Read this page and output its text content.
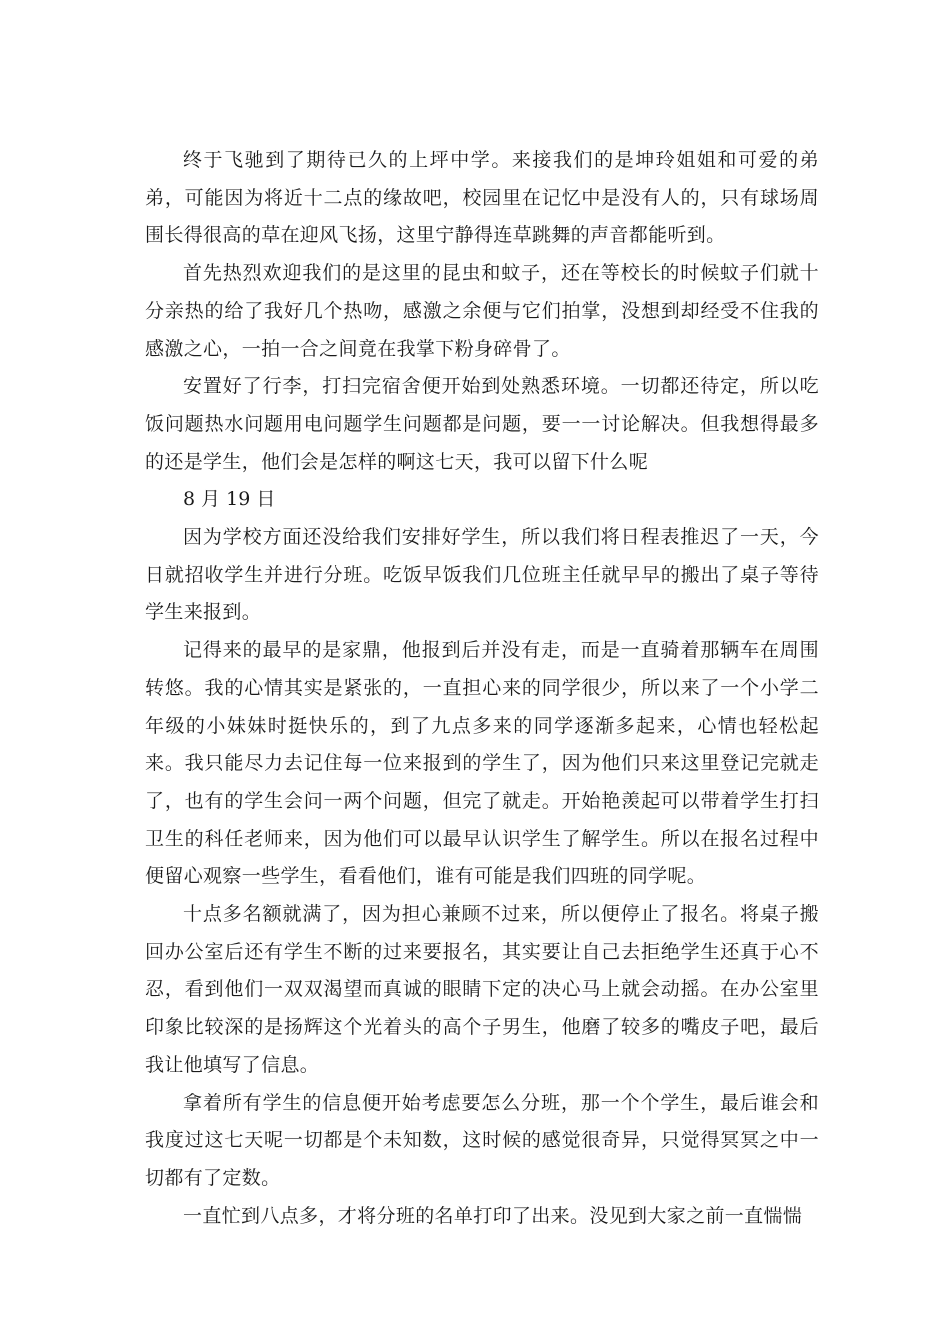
终于飞驰到了期待已久的上坪中学。来接我们的是坤玲姐姐和可爱的弟弟，可能因为将近十二点的缘故吧，校园里在记忆中是没有人的，只有球场周围长得很高的草在迎风飞扬，这里宁静得连草跳舞的声音都能听到。

首先热烈欢迎我们的是这里的昆虫和蚊子，还在等校长的时候蚊子们就十分亲热的给了我好几个热吻，感激之余便与它们拍掌，没想到却经受不住我的感激之心，一拍一合之间竟在我掌下粉身碎骨了。

安置好了行李，打扫完宿舍便开始到处熟悉环境。一切都还待定，所以吃饭问题热水问题用电问题学生问题都是问题，要一一讨论解决。但我想得最多的还是学生，他们会是怎样的啊这七天，我可以留下什么呢

8 月 19 日

因为学校方面还没给我们安排好学生，所以我们将日程表推迟了一天，今日就招收学生并进行分班。吃饭早饭我们几位班主任就早早的搬出了桌子等待学生来报到。

记得来的最早的是家鼎，他报到后并没有走，而是一直骑着那辆车在周围转悠。我的心情其实是紧张的，一直担心来的同学很少，所以来了一个小学二年级的小妹妹时挺快乐的，到了九点多来的同学逐渐多起来，心情也轻松起来。我只能尽力去记住每一位来报到的学生了，因为他们只来这里登记完就走了，也有的学生会问一两个问题，但完了就走。开始艳羡起可以带着学生打扫卫生的科任老师来，因为他们可以最早认识学生了解学生。所以在报名过程中便留心观察一些学生，看看他们，谁有可能是我们四班的同学呢。

十点多名额就满了，因为担心兼顾不过来，所以便停止了报名。将桌子搬回办公室后还有学生不断的过来要报名，其实要让自己去拒绝学生还真于心不忍，看到他们一双双渴望而真诚的眼睛下定的决心马上就会动摇。在办公室里印象比较深的是扬辉这个光着头的高个子男生，他磨了较多的嘴皮子吧，最后我让他填写了信息。

拿着所有学生的信息便开始考虑要怎么分班，那一个个学生，最后谁会和我度过这七天呢一切都是个未知数，这时候的感觉很奇异，只觉得冥冥之中一切都有了定数。

一直忙到八点多，才将分班的名单打印了出来。没见到大家之前一直惴惴
